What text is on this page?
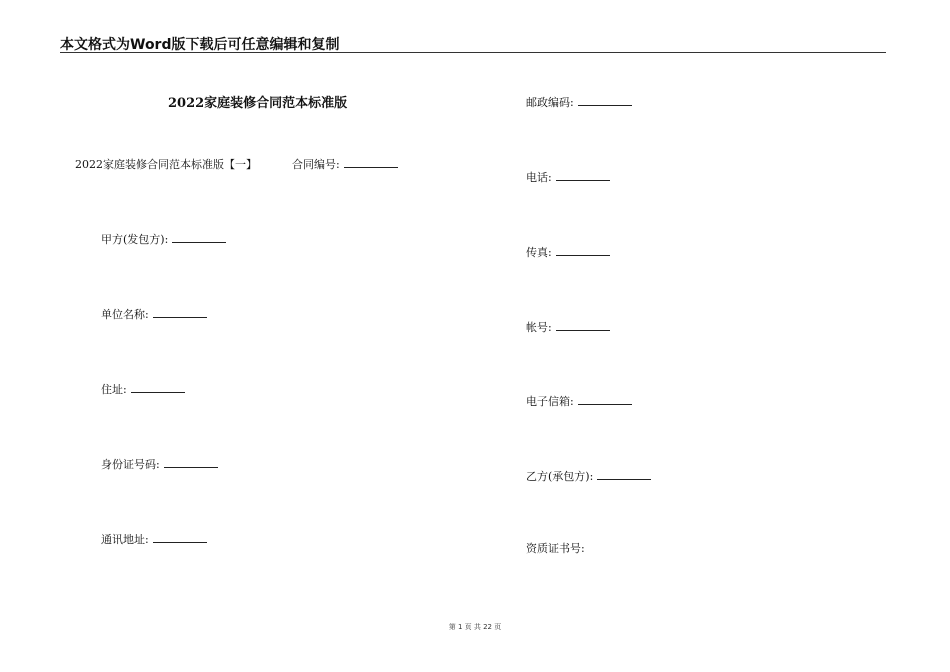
本文格式为Word版下载后可任意编辑和复制
2022家庭装修合同范本标准版
2022家庭装修合同范本标准版【一】	合同编号:
甲方(发包方):
单位名称:
住址:
身份证号码:
通讯地址:
邮政编码:
电话:
传真:
帐号:
电子信箱:
乙方(承包方):
资质证书号:
第 1 页 共 22 页
